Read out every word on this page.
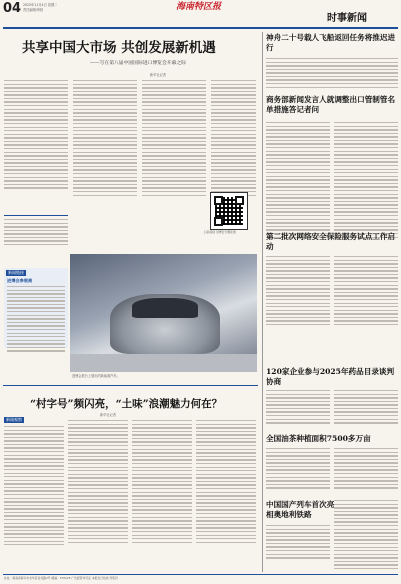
04 2025年11月4日 星期二
责任编辑/审校	海南特区报
时事新闻
共享中国大市场 共创发展新机遇
——写在第八届中国国际进口博览会开幕之际
新华社记者
进博会展台上展出的新能源汽车。
新闻链接
进博会参展商
神舟二十号载人飞船返回任务将推迟进行
商务部新闻发言人就调整出口管制管名单措施答记者问
扫码阅读 进博会专题报道	第二批次网络安全保险服务试点工作启动
120家企业参与2025年药品目录谈判协商
全国油茶种植面积7500多万亩
中国国产列车首次亮相奥地利铁路
“村字号”频闪亮，“土味”浪潮魅力何在？
新华社记者
新闻观察
社址：海南省海口市龙华区金龙路2号 邮编：570125 广告经营许可证 本报发行热线 零售价
